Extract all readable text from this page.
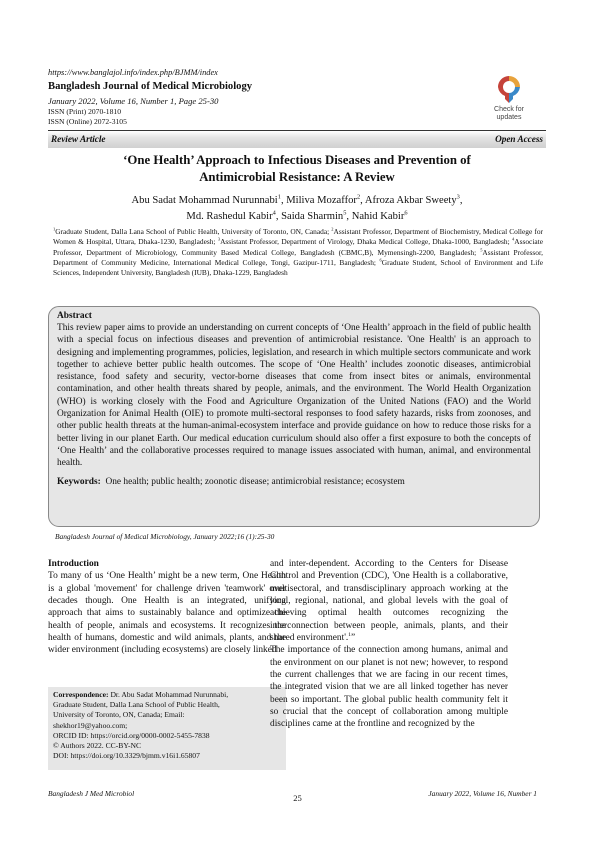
https://www.banglajol.info/index.php/BJMM/index
Bangladesh Journal of Medical Microbiology
January 2022, Volume 16, Number 1, Page 25-30
ISSN (Print) 2070-1810
ISSN (Online) 2072-3105
Check for
updates
Review Article	Open Access
‘One Health’ Approach to Infectious Diseases and Prevention of
Antimicrobial Resistance: A Review
Abu Sadat Mohammad Nurunnabi$^1$, Miliva Mozaffor$^2$, Afroza Akbar Sweety$^3$,
Md. Rashedul Kabir$^4$, Saida Sharmin$^5$, Nahid Kabir$^6$
$^1$Graduate Student, Dalla Lana School of Public Health, University of Toronto, ON, Canada; $^2$Assistant Professor, Department of Biochemistry, Medical College for Women & Hospital, Uttara, Dhaka-1230, Bangladesh; $^3$Assistant Professor, Department of Virology, Dhaka Medical College, Dhaka-1000, Bangladesh; $^4$Associate Professor, Department of Microbiology, Community Based Medical College, Bangladesh (CBMC,B), Mymensingh-2200, Bangladesh; $^5$Assistant Professor, Department of Community Medicine, International Medical College, Tongi, Gazipur-1711, Bangladesh; $^6$Graduate Student, School of Environment and Life Sciences, Independent University, Bangladesh (IUB), Dhaka-1229, Bangladesh
Abstract
This review paper aims to provide an understanding on current concepts of ‘One Health’ approach in the field of public health with a special focus on infectious diseases and prevention of antimicrobial resistance. 'One Health' is an approach to designing and implementing programmes, policies, legislation, and research in which multiple sectors communicate and work together to achieve better public health outcomes. The scope of ‘One Health’ includes zoonotic diseases, antimicrobial resistance, food safety and security, vector-borne diseases that come from insect bites or animals, environmental contamination, and other health threats shared by people, animals, and the environment. The World Health Organization (WHO) is working closely with the Food and Agriculture Organization of the United Nations (FAO) and the World Organization for Animal Health (OIE) to promote multi-sectoral responses to food safety hazards, risks from zoonoses, and other public health threats at the human-animal-ecosystem interface and provide guidance on how to reduce those risks for a better living in our planet Earth. Our medical education curriculum should also offer a first exposure to both the concepts of ‘One Health’ and the collaborative processes required to manage issues associated with human, animal, and environmental health.
Keywords: One health; public health; zoonotic disease; antimicrobial resistance; ecosystem
Bangladesh Journal of Medical Microbiology, January 2022;16 (1):25-30
Introduction
To many of us ‘One Health’ might be a new term, One Health is a global 'movement' for challenge driven 'teamwork' over decades though. One Health is an integrated, unifying approach that aims to sustainably balance and optimize the health of people, animals and ecosystems. It recognizes the health of humans, domestic and wild animals, plants, and the wider environment (including ecosystems) are closely linked
Correspondence: Dr. Abu Sadat Mohammad Nurunnabi,
Graduate Student, Dalla Lana School of Public Health,
University of Toronto, ON, Canada; Email:
shekhor19@yahoo.com;
ORCID ID: https://orcid.org/0000-0002-5455-7838
© Authors 2022. CC-BY-NC
DOI: https://doi.org/10.3329/bjmm.v16i1.65807
and inter-dependent. According to the Centers for Disease Control and Prevention (CDC), 'One Health is a collaborative, multisectoral, and transdisciplinary approach working at the local, regional, national, and global levels with the goal of achieving optimal health outcomes recognizing the interconnection between people, animals, plants, and their shared environment'.$^1$”
The importance of the connection among humans, animal and the environment on our planet is not new; however, to respond the current challenges that we are facing in our recent times, the integrated vision that we are all linked together has never been so important. The global public health community felt it so crucial that the concept of collaboration among multiple disciplines came at the frontline and recognized by the
Bangladesh J Med Microbiol	25	January 2022, Volume 16, Number 1
